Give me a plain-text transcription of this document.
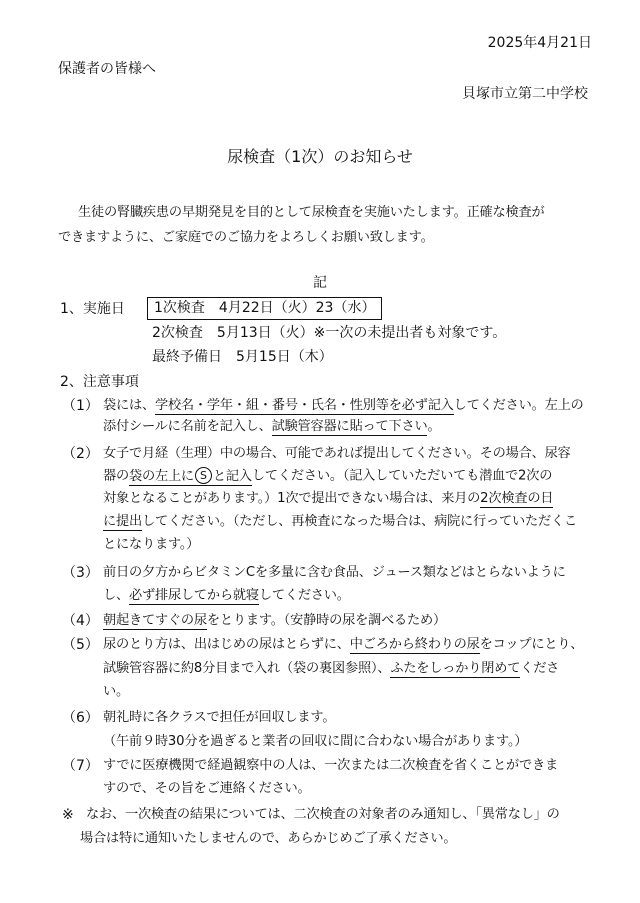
2025年4月21日
保護者の皆様へ
貝塚市立第二中学校
尿検査（1次）のお知らせ
生徒の腎臓疾患の早期発見を目的として尿検査を実施いたします。正確な検査が
できますように、ご家庭でのご協力をよろしくお願い致します。
記
1、実施日	1次検査　4月22日（火）23（水）
2次検査　5月13日（火）※一次の未提出者も対象です。
最終予備日　5月15日（木）
2、注意事項
（1） 袋には、学校名・学年・組・番号・氏名・性別等を必ず記入してください。左上の
添付シールに名前を記入し、試験管容器に貼って下さい。
（2） 女子で月経（生理）中の場合、可能であれば提出してください。その場合、尿容
器の袋の左上に S と記入してください。（記入していただいても潜血で2次の
対象となることがあります。）1次で提出できない場合は、来月の2次検査の日
に提出してください。（ただし、再検査になった場合は、病院に行っていただくこ
とになります。）
（3） 前日の夕方からビタミンCを多量に含む食品、ジュース類などはとらないように
し、必ず排尿してから就寝してください。
（4） 朝起きてすぐの尿をとります。（安静時の尿を調べるため）
（5） 尿のとり方は、出はじめの尿はとらずに、中ごろから終わりの尿をコップにとり、
試験管容器に約8分目まで入れ（袋の裏図参照）、ふたをしっかり閉めてくださ
い。
（6） 朝礼時に各クラスで担任が回収します。
（午前９時30分を過ぎると業者の回収に間に合わない場合があります。）
（7） すでに医療機関で経過観察中の人は、一次または二次検査を省くことができま
すので、その旨をご連絡ください。
※ なお、一次検査の結果については、二次検査の対象者のみ通知し、「異常なし」の
場合は特に通知いたしませんので、あらかじめご了承ください。
